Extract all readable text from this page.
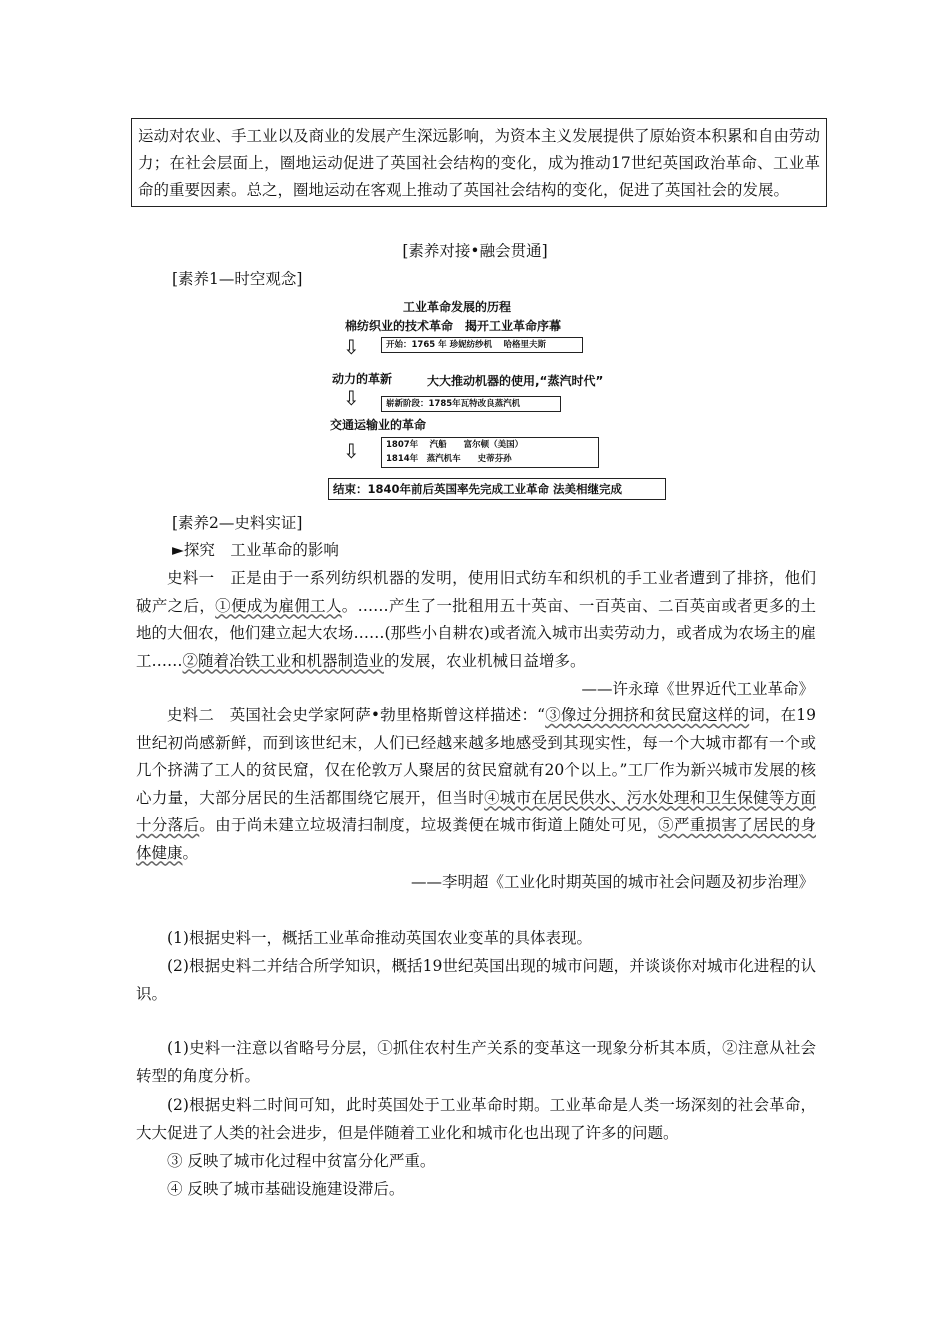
运动对农业、手工业以及商业的发展产生深远影响，为资本主义发展提供了原始资本积累和自由劳动力；在社会层面上，圈地运动促进了英国社会结构的变化，成为推动17世纪英国政治革命、工业革命的重要因素。总之，圈地运动在客观上推动了英国社会结构的变化，促进了英国社会的发展。
[素养对接•融会贯通]
[素养1—时空观念]
工业革命发展的历程
棉纺织业的技术革命　揭开工业革命序幕
⇩	开始：1765 年 珍妮纺纱机　 哈格里夫斯
动力的革新	大大推动机器的使用,“蒸汽时代”
⇩	崭新阶段：1785年瓦特改良蒸汽机
交通运输业的革命
⇩	1807年　 汽船　　富尔顿（美国）
1814年　蒸汽机车　　史蒂芬孙
结束：1840年前后英国率先完成工业革命 法美相继完成
[素养2—史料实证]
►探究　工业革命的影响
史料一　正是由于一系列纺织机器的发明，使用旧式纺车和织机的手工业者遭到了排挤，他们破产之后，①便成为雇佣工人。……产生了一批租用五十英亩、一百英亩、二百英亩或者更多的土地的大佃农，他们建立起大农场……(那些小自耕农)或者流入城市出卖劳动力，或者成为农场主的雇工……②随着冶铁工业和机器制造业的发展，农业机械日益增多。
——许永璋《世界近代工业革命》
史料二　英国社会史学家阿萨•勃里格斯曾这样描述：“③像过分拥挤和贫民窟这样的词，在19世纪初尚感新鲜，而到该世纪末，人们已经越来越多地感受到其现实性，每一个大城市都有一个或几个挤满了工人的贫民窟，仅在伦敦万人聚居的贫民窟就有20个以上。”工厂作为新兴城市发展的核心力量，大部分居民的生活都围绕它展开，但当时④城市在居民供水、污水处理和卫生保健等方面十分落后。由于尚未建立垃圾清扫制度，垃圾粪便在城市街道上随处可见，⑤严重损害了居民的身体健康。
——李明超《工业化时期英国的城市社会问题及初步治理》
(1)根据史料一，概括工业革命推动英国农业变革的具体表现。
(2)根据史料二并结合所学知识，概括19世纪英国出现的城市问题，并谈谈你对城市化进程的认识。
(1)史料一注意以省略号分层，①抓住农村生产关系的变革这一现象分析其本质，②注意从社会转型的角度分析。
(2)根据史料二时间可知，此时英国处于工业革命时期。工业革命是人类一场深刻的社会革命，大大促进了人类的社会进步，但是伴随着工业化和城市化也出现了许多的问题。
③ 反映了城市化过程中贫富分化严重。
④ 反映了城市基础设施建设滞后。
